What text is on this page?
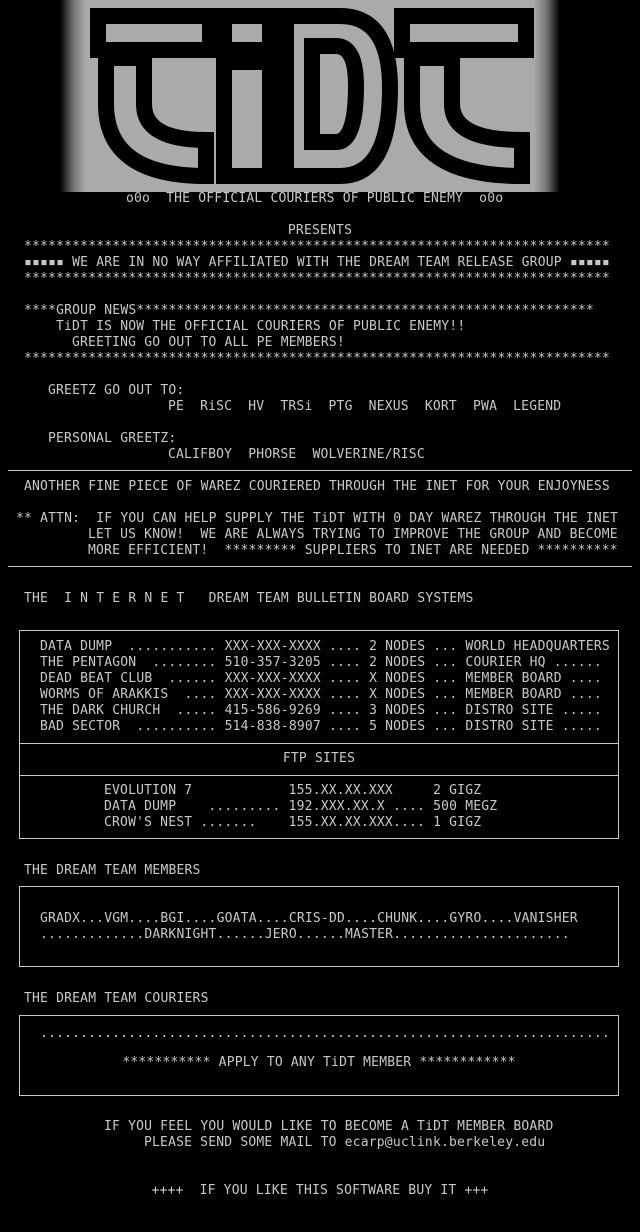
o0o  THE OFFICIAL COURIERS OF PUBLIC ENEMY  o0o
PRESENTS
*************************************************************************
▪▪▪▪▪ WE ARE IN NO WAY AFFILIATED WITH THE DREAM TEAM RELEASE GROUP ▪▪▪▪▪
*************************************************************************
****GROUP NEWS*********************************************************
TiDT IS NOW THE OFFICIAL COURIERS OF PUBLIC ENEMY!!
GREETING GO OUT TO ALL PE MEMBERS!
*************************************************************************
GREETZ GO OUT TO:
PE  RiSC  HV  TRSi  PTG  NEXUS  KORT  PWA  LEGEND
PERSONAL GREETZ:
CALIFBOY  PHORSE  WOLVERINE/RISC
ANOTHER FINE PIECE OF WAREZ COURIERED THROUGH THE INET FOR YOUR ENJOYNESS
** ATTN:  IF YOU CAN HELP SUPPLY THE TiDT WITH 0 DAY WAREZ THROUGH THE INET
LET US KNOW!  WE ARE ALWAYS TRYING TO IMPROVE THE GROUP AND BECOME
MORE EFFICIENT!  ********* SUPPLIERS TO INET ARE NEEDED **********
THE  I N T E R N E T   DREAM TEAM BULLETIN BOARD SYSTEMS
DATA DUMP  ........... XXX-XXX-XXXX .... 2 NODES ... WORLD HEADQUARTERS
THE PENTAGON  ........ 510-357-3205 .... 2 NODES ... COURIER HQ ......
DEAD BEAT CLUB  ...... XXX-XXX-XXXX .... X NODES ... MEMBER BOARD ....
WORMS OF ARAKKIS  .... XXX-XXX-XXXX .... X NODES ... MEMBER BOARD ....
THE DARK CHURCH  ..... 415-586-9269 .... 3 NODES ... DISTRO SITE .....
BAD SECTOR  .......... 514-838-8907 .... 5 NODES ... DISTRO SITE .....
FTP SITES
EVOLUTION 7            155.XX.XX.XXX     2 GIGZ
DATA DUMP    ......... 192.XXX.XX.X .... 500 MEGZ
CROW'S NEST .......    155.XX.XX.XXX.... 1 GIGZ
THE DREAM TEAM MEMBERS
GRADX...VGM....BGI....GOATA....CRIS-DD....CHUNK....GYRO....VANISHER
.............DARKNIGHT......JERO......MASTER......................
THE DREAM TEAM COURIERS
.......................................................................
*********** APPLY TO ANY TiDT MEMBER ************
IF YOU FEEL YOU WOULD LIKE TO BECOME A TiDT MEMBER BOARD
PLEASE SEND SOME MAIL TO ecarp@uclink.berkeley.edu
++++  IF YOU LIKE THIS SOFTWARE BUY IT +++
